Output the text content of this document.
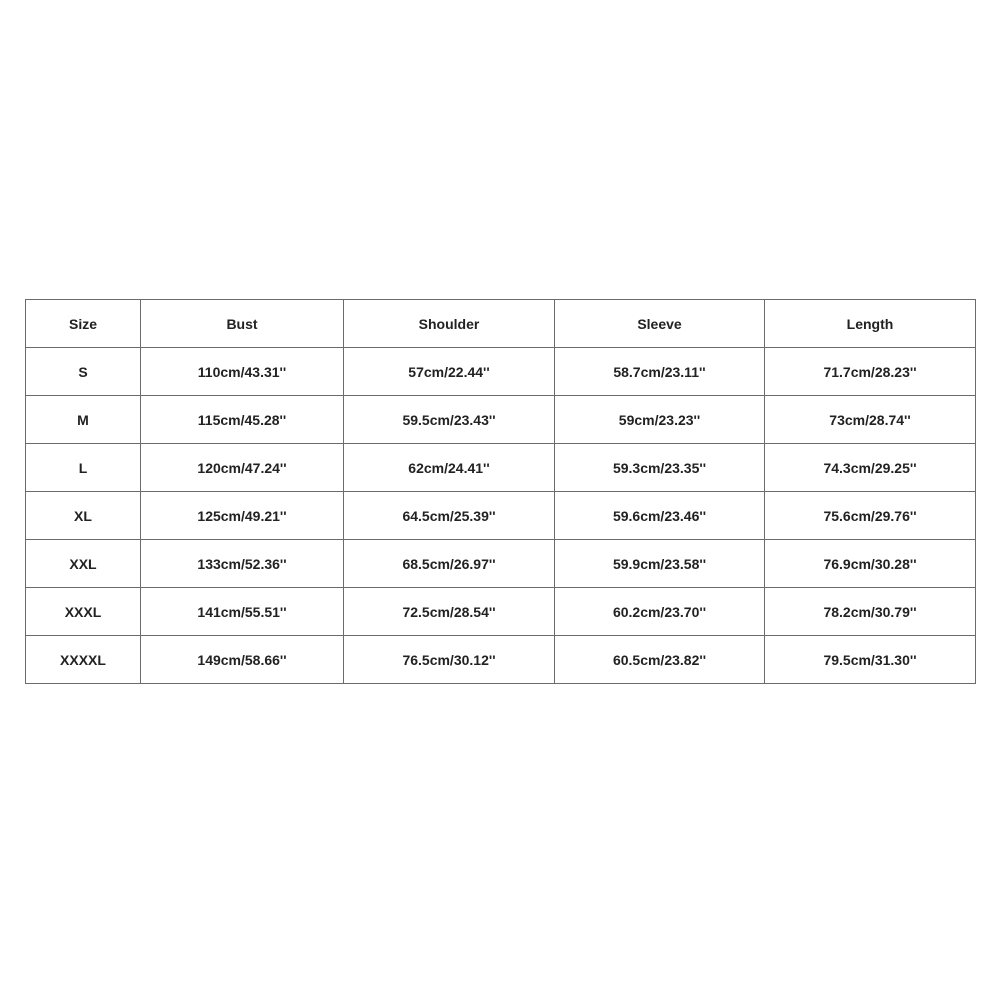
Size	Bust	Shoulder	Sleeve	Length
S	110cm/43.31''	57cm/22.44''	58.7cm/23.11''	71.7cm/28.23''
M	115cm/45.28''	59.5cm/23.43''	59cm/23.23''	73cm/28.74''
L	120cm/47.24''	62cm/24.41''	59.3cm/23.35''	74.3cm/29.25''
XL	125cm/49.21''	64.5cm/25.39''	59.6cm/23.46''	75.6cm/29.76''
XXL	133cm/52.36''	68.5cm/26.97''	59.9cm/23.58''	76.9cm/30.28''
XXXL	141cm/55.51''	72.5cm/28.54''	60.2cm/23.70''	78.2cm/30.79''
XXXXL	149cm/58.66''	76.5cm/30.12''	60.5cm/23.82''	79.5cm/31.30''
